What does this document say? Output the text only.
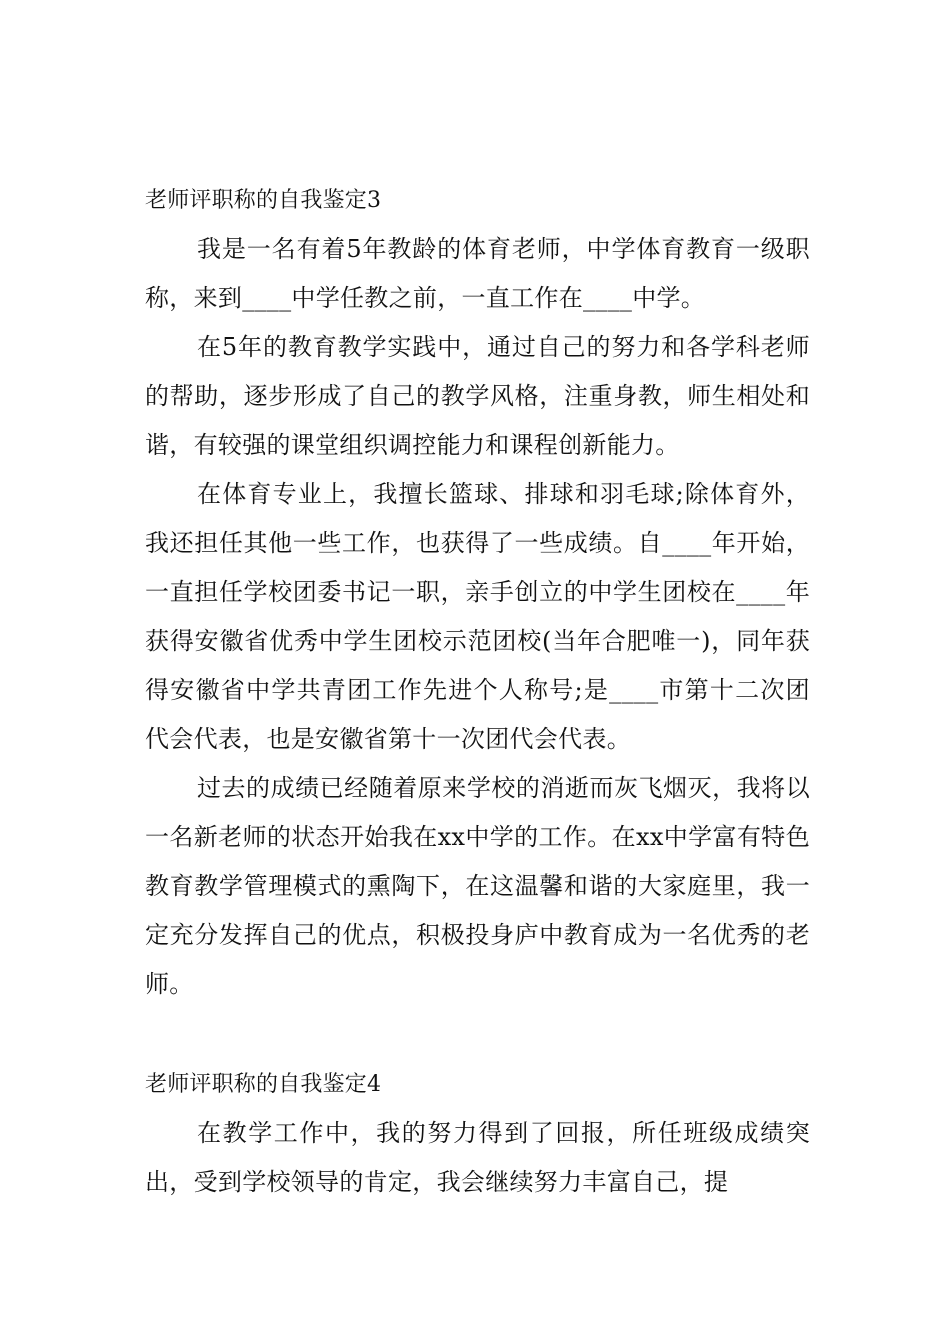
老师评职称的自我鉴定3

我是一名有着5年教龄的体育老师，中学体育教育一级职称，来到____中学任教之前，一直工作在____中学。

在5年的教育教学实践中，通过自己的努力和各学科老师的帮助，逐步形成了自己的教学风格，注重身教，师生相处和谐，有较强的课堂组织调控能力和课程创新能力。

在体育专业上，我擅长篮球、排球和羽毛球;除体育外，我还担任其他一些工作，也获得了一些成绩。自____年开始，一直担任学校团委书记一职，亲手创立的中学生团校在____年获得安徽省优秀中学生团校示范团校(当年合肥唯一)，同年获得安徽省中学共青团工作先进个人称号;是____市第十二次团代会代表，也是安徽省第十一次团代会代表。

过去的成绩已经随着原来学校的消逝而灰飞烟灭，我将以一名新老师的状态开始我在xx中学的工作。在xx中学富有特色教育教学管理模式的熏陶下，在这温馨和谐的大家庭里，我一定充分发挥自己的优点，积极投身庐中教育成为一名优秀的老师。

老师评职称的自我鉴定4

在教学工作中，我的努力得到了回报，所任班级成绩突出，受到学校领导的肯定，我会继续努力丰富自己，提
